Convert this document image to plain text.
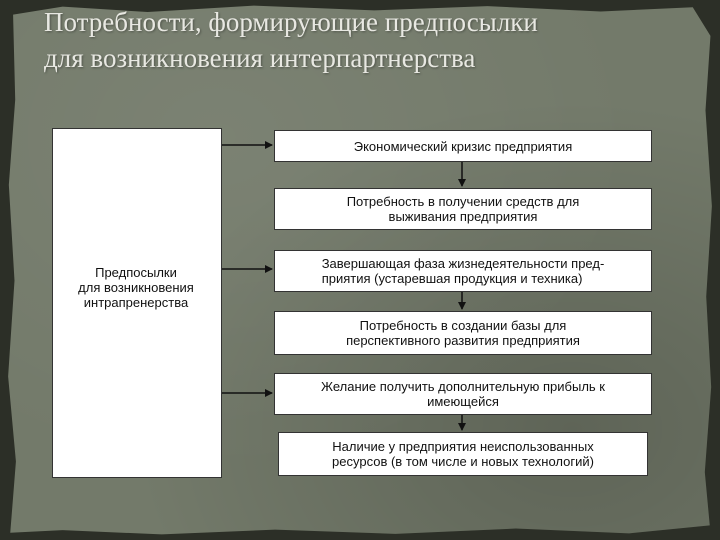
Потребности, формирующие предпосылки
для возникновения интерпартнерства
Предпосылки
для возникновения
интрапренерства
Экономический кризис предприятия
Потребность в получении средств для
выживания предприятия
Завершающая фаза жизнедеятельности пред-
приятия (устаревшая продукция и техника)
Потребность в создании базы для
перспективного развития предприятия
Желание получить дополнительную прибыль к
имеющейся
Наличие у предприятия неиспользованных
ресурсов (в том числе и новых технологий)
